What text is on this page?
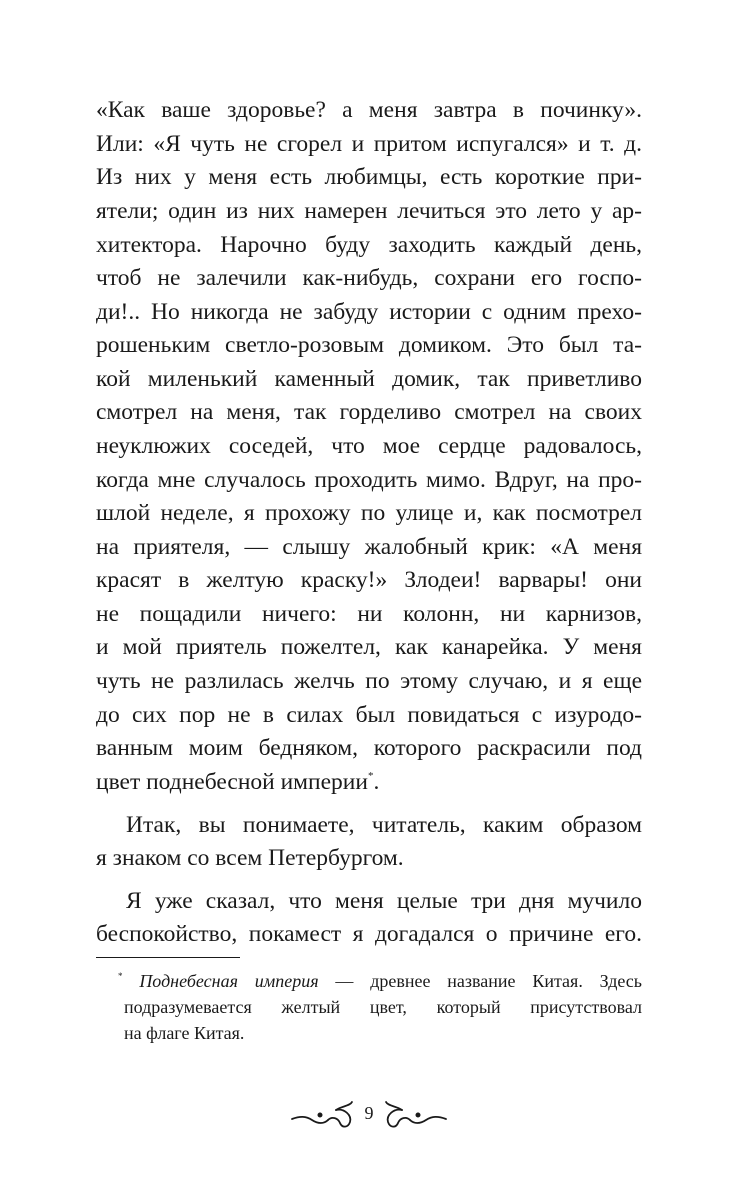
«Как ваше здоровье? а меня завтра в починку».
Или: «Я чуть не сгорел и притом испугался» и т. д.
Из них у меня есть любимцы, есть короткие при-
ятели; один из них намерен лечиться это лето у ар-
хитектора. Нарочно буду заходить каждый день,
чтоб не залечили как-нибудь, сохрани его госпо-
ди!.. Но никогда не забуду истории с одним прехо-
рошеньким светло-розовым домиком. Это был та-
кой миленький каменный домик, так приветливо
смотрел на меня, так горделиво смотрел на своих
неуклюжих соседей, что мое сердце радовалось,
когда мне случалось проходить мимо. Вдруг, на про-
шлой неделе, я прохожу по улице и, как посмотрел
на приятеля, — слышу жалобный крик: «А меня
красят в желтую краску!» Злодеи! варвары! они
не пощадили ничего: ни колонн, ни карнизов,
и мой приятель пожелтел, как канарейка. У меня
чуть не разлилась желчь по этому случаю, и я еще
до сих пор не в силах был повидаться с изуродо-
ванным моим бедняком, которого раскрасили под
цвет поднебесной империи*.
Итак, вы понимаете, читатель, каким образом
я знаком со всем Петербургом.
Я уже сказал, что меня целые три дня мучило
беспокойство, покамест я догадался о причине его.
* Поднебесная империя — древнее название Китая. Здесь
подразумевается желтый цвет, который присутствовал
на флаге Китая.
9
